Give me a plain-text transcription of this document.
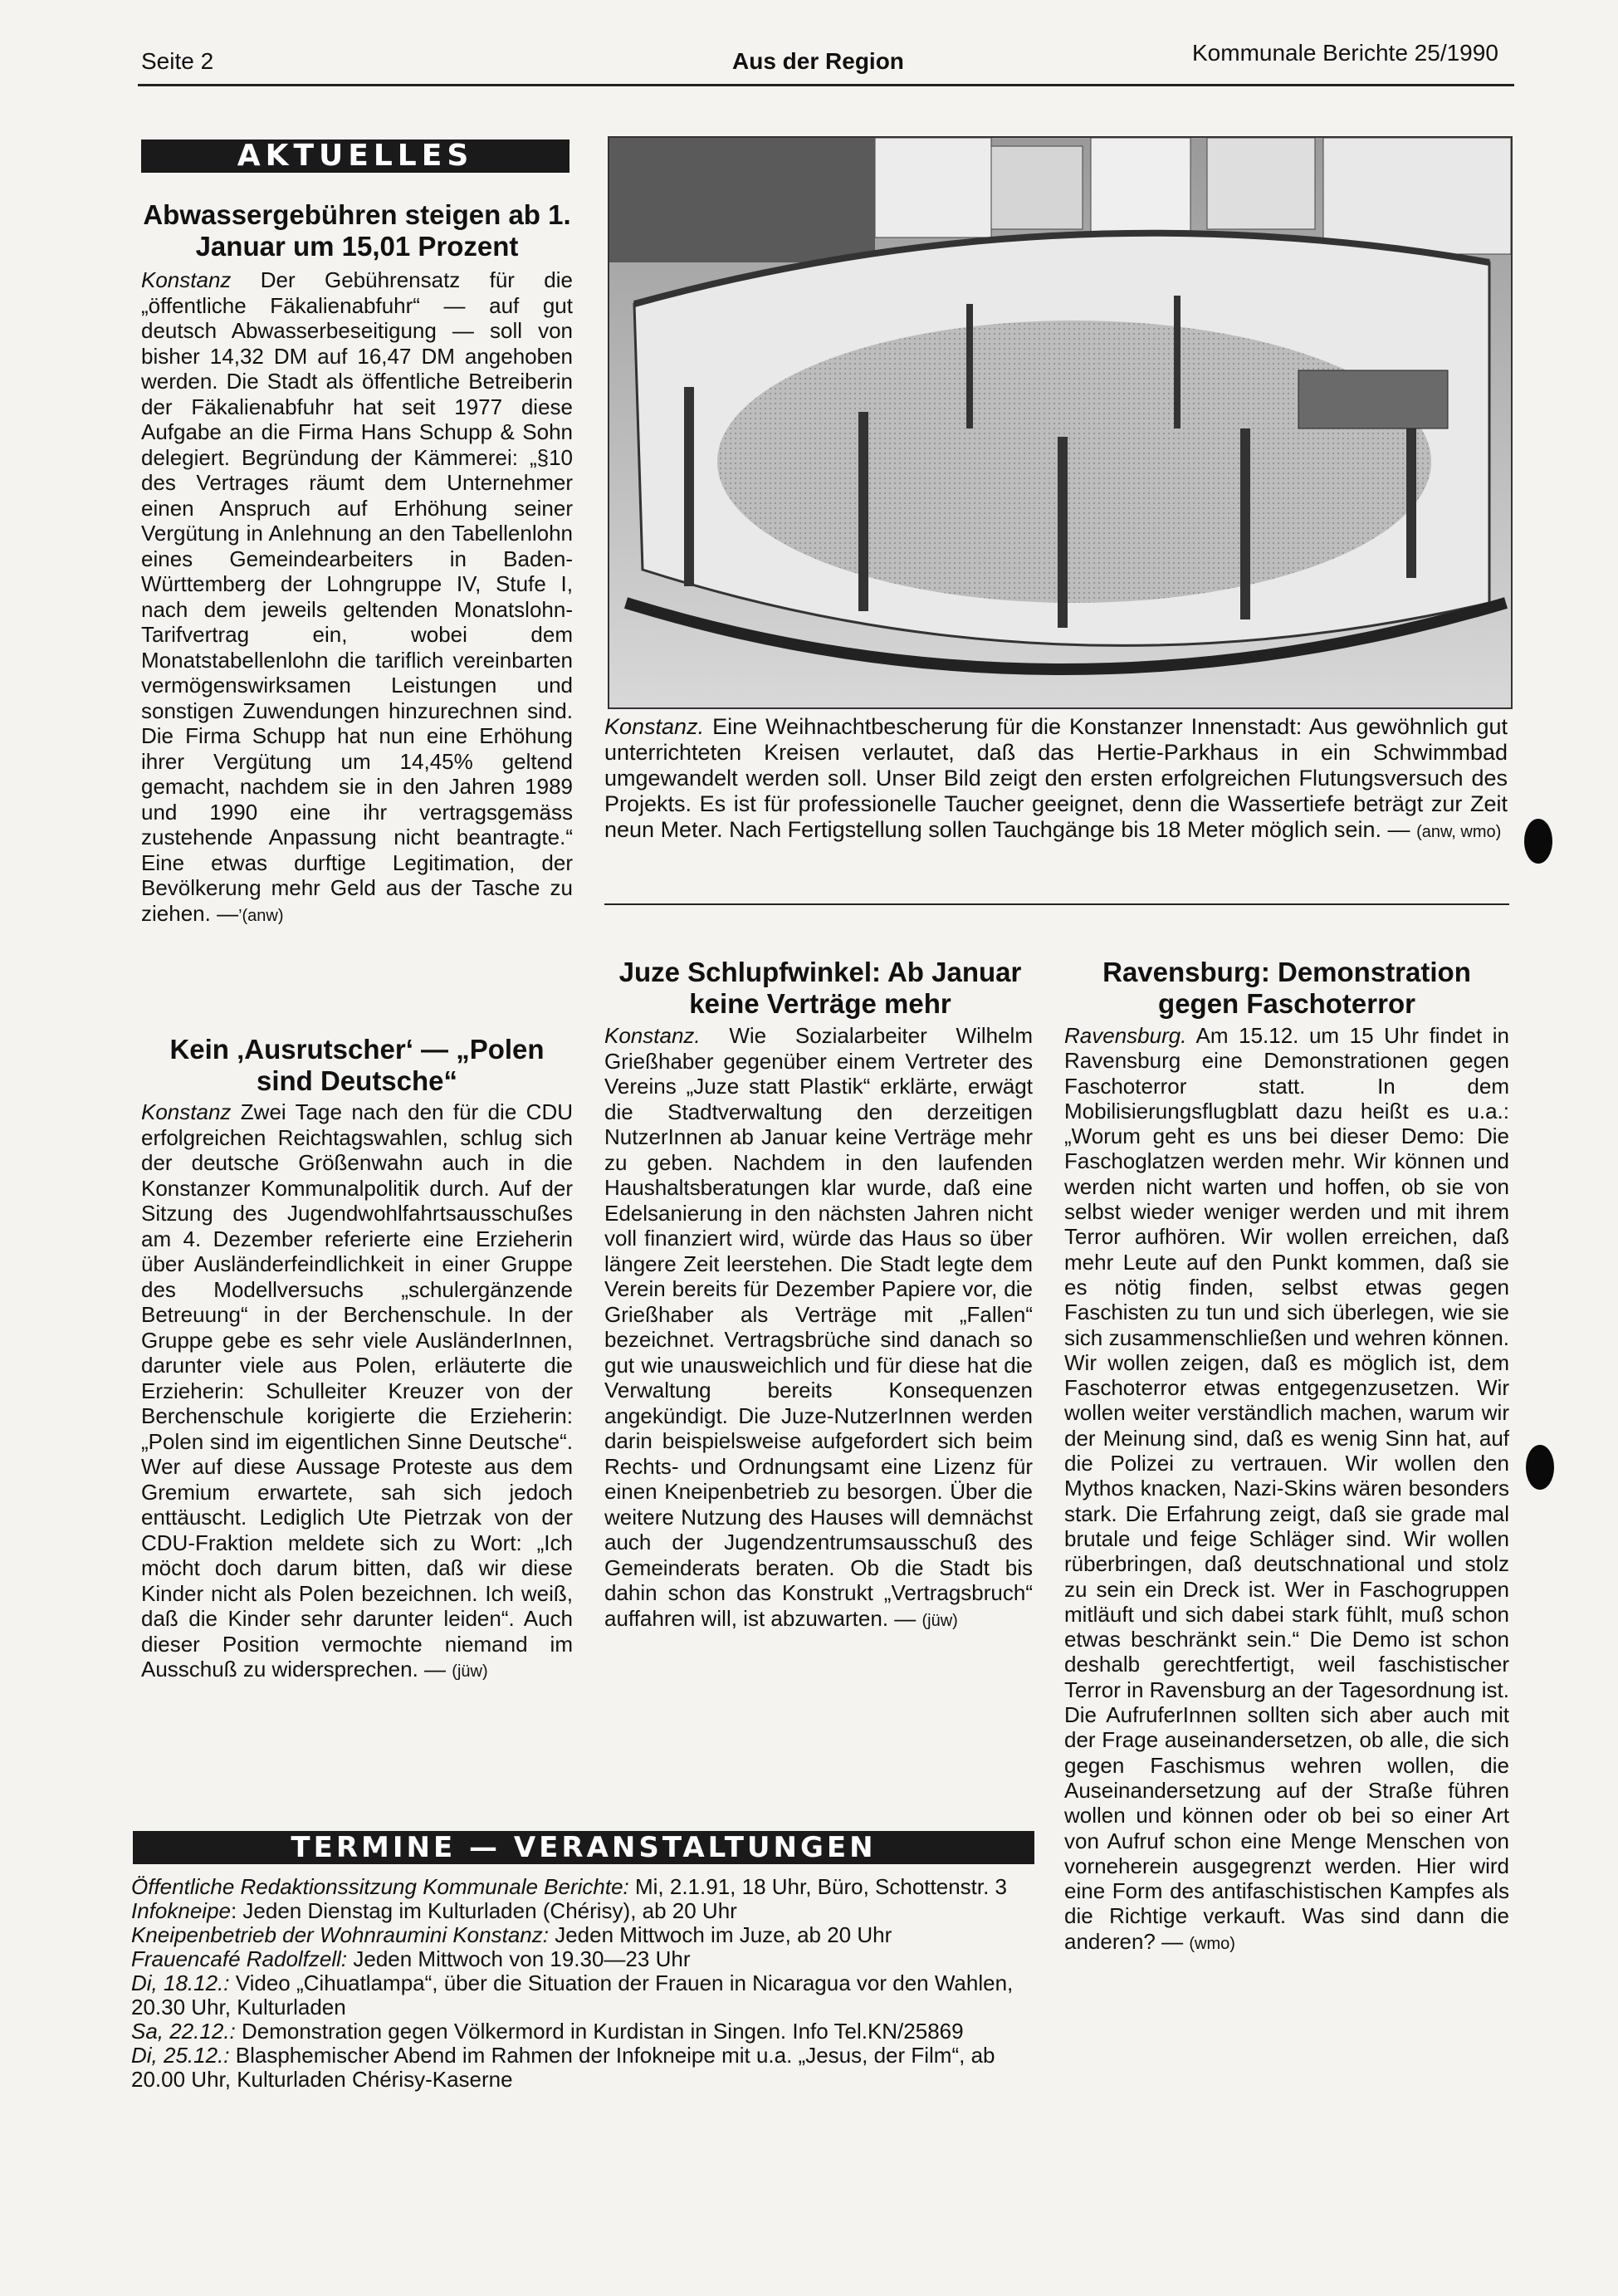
Seite 2	Aus der Region	Kommunale Berichte 25/1990
AKTUELLES
Abwassergebühren steigen ab 1. Januar um 15,01 Prozent
Konstanz Der Gebührensatz für die „öffentliche Fäkalienabfuhr“ — auf gut deutsch Abwasserbeseitigung — soll von bisher 14,32 DM auf 16,47 DM angehoben werden. Die Stadt als öffentliche Betreiberin der Fäkalienabfuhr hat seit 1977 diese Aufgabe an die Firma Hans Schupp & Sohn delegiert. Begründung der Kämmerei: „§10 des Vertrages räumt dem Unternehmer einen Anspruch auf Erhöhung seiner Vergütung in Anlehnung an den Tabellenlohn eines Gemeindearbeiters in Baden-Württemberg der Lohngruppe IV, Stufe I, nach dem jeweils geltenden Monatslohn-Tarifvertrag ein, wobei dem Monatstabellenlohn die tariflich vereinbarten vermögenswirksamen Leistungen und sonstigen Zuwendungen hinzurechnen sind. Die Firma Schupp hat nun eine Erhöhung ihrer Vergütung um 14,45% geltend gemacht, nachdem sie in den Jahren 1989 und 1990 eine ihr vertragsgemäss zustehende Anpassung nicht beantragte.“ Eine etwas durftige Legitimation, der Bevölkerung mehr Geld aus der Tasche zu ziehen. —’(anw)
Kein ‚Ausrutscher‘ — „Polen sind Deutsche“
Konstanz Zwei Tage nach den für die CDU erfolgreichen Reichtagswahlen, schlug sich der deutsche Größenwahn auch in die Konstanzer Kommunalpolitik durch. Auf der Sitzung des Jugendwohlfahrtsausschußes am 4. Dezember referierte eine Erzieherin über Ausländerfeindlichkeit in einer Gruppe des Modellversuchs „schulergänzende Betreuung“ in der Berchenschule. In der Gruppe gebe es sehr viele AusländerInnen, darunter viele aus Polen, erläuterte die Erzieherin: Schulleiter Kreuzer von der Berchenschule korigierte die Erzieherin: „Polen sind im eigentlichen Sinne Deutsche“. Wer auf diese Aussage Proteste aus dem Gremium erwartete, sah sich jedoch enttäuscht. Lediglich Ute Pietrzak von der CDU-Fraktion meldete sich zu Wort: „Ich möcht doch darum bitten, daß wir diese Kinder nicht als Polen bezeichnen. Ich weiß, daß die Kinder sehr darunter leiden“. Auch dieser Position vermochte niemand im Ausschuß zu widersprechen. — (jüw)
Konstanz. Eine Weihnachtbescherung für die Konstanzer Innenstadt: Aus gewöhnlich gut unterrichteten Kreisen verlautet, daß das Hertie-Parkhaus in ein Schwimmbad umgewandelt werden soll. Unser Bild zeigt den ersten erfolgreichen Flutungsversuch des Projekts. Es ist für professionelle Taucher geeignet, denn die Wassertiefe beträgt zur Zeit neun Meter. Nach Fertigstellung sollen Tauchgänge bis 18 Meter möglich sein. — (anw, wmo)
Juze Schlupfwinkel: Ab Januar keine Verträge mehr
Konstanz. Wie Sozialarbeiter Wilhelm Grießhaber gegenüber einem Vertreter des Vereins „Juze statt Plastik“ erklärte, erwägt die Stadtverwaltung den derzeitigen NutzerInnen ab Januar keine Verträge mehr zu geben. Nachdem in den laufenden Haushaltsberatungen klar wurde, daß eine Edelsanierung in den nächsten Jahren nicht voll finanziert wird, würde das Haus so über längere Zeit leerstehen. Die Stadt legte dem Verein bereits für Dezember Papiere vor, die Grießhaber als Verträge mit „Fallen“ bezeichnet. Vertragsbrüche sind danach so gut wie unausweichlich und für diese hat die Verwaltung bereits Konsequenzen angekündigt. Die Juze-NutzerInnen werden darin beispielsweise aufgefordert sich beim Rechts- und Ordnungsamt eine Lizenz für einen Kneipenbetrieb zu besorgen. Über die weitere Nutzung des Hauses will demnächst auch der Jugendzentrumsausschuß des Gemeinderats beraten. Ob die Stadt bis dahin schon das Konstrukt „Vertragsbruch“ auffahren will, ist abzuwarten. — (jüw)
Ravensburg: Demonstration gegen Faschoterror
Ravensburg. Am 15.12. um 15 Uhr findet in Ravensburg eine Demonstrationen gegen Faschoterror statt. In dem Mobilisierungsflugblatt dazu heißt es u.a.: „Worum geht es uns bei dieser Demo: Die Faschoglatzen werden mehr. Wir können und werden nicht warten und hoffen, ob sie von selbst wieder weniger werden und mit ihrem Terror aufhören. Wir wollen erreichen, daß mehr Leute auf den Punkt kommen, daß sie es nötig finden, selbst etwas gegen Faschisten zu tun und sich überlegen, wie sie sich zusammenschließen und wehren können. Wir wollen zeigen, daß es möglich ist, dem Faschoterror etwas entgegenzusetzen. Wir wollen weiter verständlich machen, warum wir der Meinung sind, daß es wenig Sinn hat, auf die Polizei zu vertrauen. Wir wollen den Mythos knacken, Nazi-Skins wären besonders stark. Die Erfahrung zeigt, daß sie grade mal brutale und feige Schläger sind. Wir wollen rüberbringen, daß deutschnational und stolz zu sein ein Dreck ist. Wer in Faschogruppen mitläuft und sich dabei stark fühlt, muß schon etwas beschränkt sein.“ Die Demo ist schon deshalb gerechtfertigt, weil faschistischer Terror in Ravensburg an der Tagesordnung ist. Die AufruferInnen sollten sich aber auch mit der Frage auseinandersetzen, ob alle, die sich gegen Faschismus wehren wollen, die Auseinandersetzung auf der Straße führen wollen und können oder ob bei so einer Art von Aufruf schon eine Menge Menschen von vorneherein ausgegrenzt werden. Hier wird eine Form des antifaschistischen Kampfes als die Richtige verkauft. Was sind dann die anderen? — (wmo)
TERMINE — VERANSTALTUNGEN
Öffentliche Redaktionssitzung Kommunale Berichte: Mi, 2.1.91, 18 Uhr, Büro, Schottenstr. 3
Infokneipe: Jeden Dienstag im Kulturladen (Chérisy), ab 20 Uhr
Kneipenbetrieb der Wohnraumini Konstanz: Jeden Mittwoch im Juze, ab 20 Uhr
Frauencafé Radolfzell: Jeden Mittwoch von 19.30—23 Uhr
Di, 18.12.: Video „Cihuatlampa“, über die Situation der Frauen in Nicaragua vor den Wahlen, 20.30 Uhr, Kulturladen
Sa, 22.12.: Demonstration gegen Völkermord in Kurdistan in Singen. Info Tel.KN/25869
Di, 25.12.: Blasphemischer Abend im Rahmen der Infokneipe mit u.a. „Jesus, der Film“, ab 20.00 Uhr, Kulturladen Chérisy-Kaserne
